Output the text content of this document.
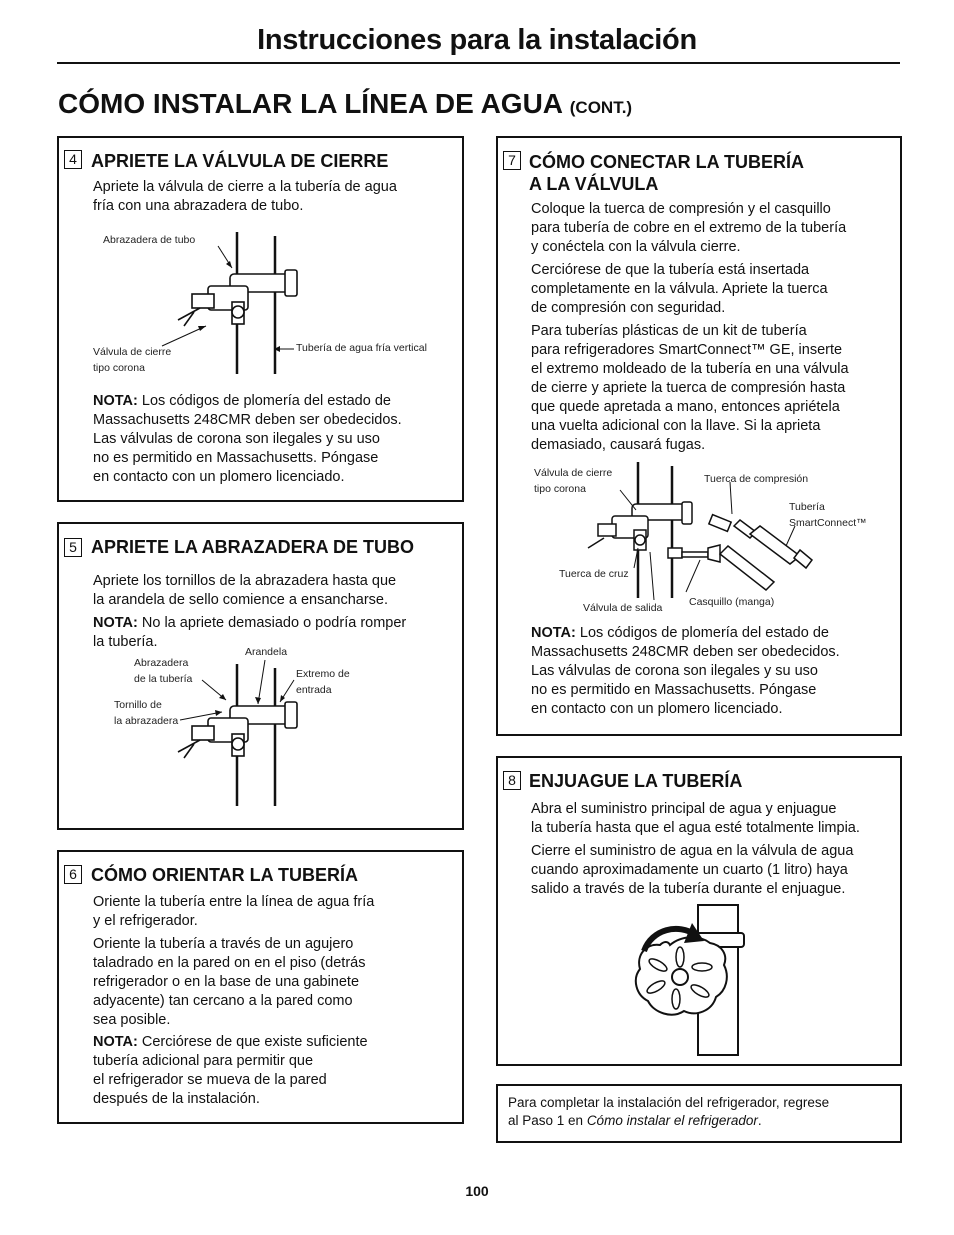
Instrucciones para la instalación
CÓMO INSTALAR LA LÍNEA DE AGUA (CONT.)
4 APRIETE LA VÁLVULA DE CIERRE
Apriete la válvula de cierre a la tubería de agua
fría con una abrazadera de tubo.
Abrazadera de tubo
Válvula de cierre
tipo corona
Tubería de agua fría vertical
NOTA: Los códigos de plomería del estado de
Massachusetts 248CMR deben ser obedecidos.
Las válvulas de corona son ilegales y su uso
no es permitido en Massachusetts. Póngase
en contacto con un plomero licenciado.
5 APRIETE LA ABRAZADERA DE TUBO
Apriete los tornillos de la abrazadera hasta que
la arandela de sello comience a ensancharse.
NOTA: No la apriete demasiado o podría romper
la tubería.
Arandela
Abrazadera
de la tubería	Extremo de
entrada
Tornillo de
la abrazadera
6 CÓMO ORIENTAR LA TUBERÍA
Oriente la tubería entre la línea de agua fría
y el refrigerador.
Oriente la tubería a través de un agujero
taladrado en la pared on en el piso (detrás
refrigerador o en la base de una gabinete
adyacente) tan cercano a la pared como
sea posible.
NOTA: Cerciórese de que existe suficiente
tubería adicional para permitir que
el refrigerador se mueva de la pared
después de la instalación.
7 CÓMO CONECTAR LA TUBERÍA
A LA VÁLVULA
Coloque la tuerca de compresión y el casquillo
para tubería de cobre en el extremo de la tubería
y conéctela con la válvula cierre.
Cerciórese de que la tubería está insertada
completamente en la válvula. Apriete la tuerca
de compresión con seguridad.
Para tuberías plásticas de un kit de tubería
para refrigeradores SmartConnect™ GE, inserte
el extremo moldeado de la tubería en una válvula
de cierre y apriete la tuerca de compresión hasta
que quede apretada a mano, entonces apriétela
una vuelta adicional con la llave. Si la aprieta
demasiado, causará fugas.
Válvula de cierre
tipo corona
Tuerca de compresión
Tubería
SmartConnect™
Tuerca de cruz
Válvula de salida	Casquillo (manga)
NOTA: Los códigos de plomería del estado de
Massachusetts 248CMR deben ser obedecidos.
Las válvulas de corona son ilegales y su uso
no es permitido en Massachusetts. Póngase
en contacto con un plomero licenciado.
8 ENJUAGUE LA TUBERÍA
Abra el suministro principal de agua y enjuague
la tubería hasta que el agua esté totalmente limpia.
Cierre el suministro de agua en la válvula de agua
cuando aproximadamente un cuarto (1 litro) haya
salido a través de la tubería durante el enjuague.
Para completar la instalación del refrigerador, regrese
al Paso 1 en Cómo instalar el refrigerador.
100
